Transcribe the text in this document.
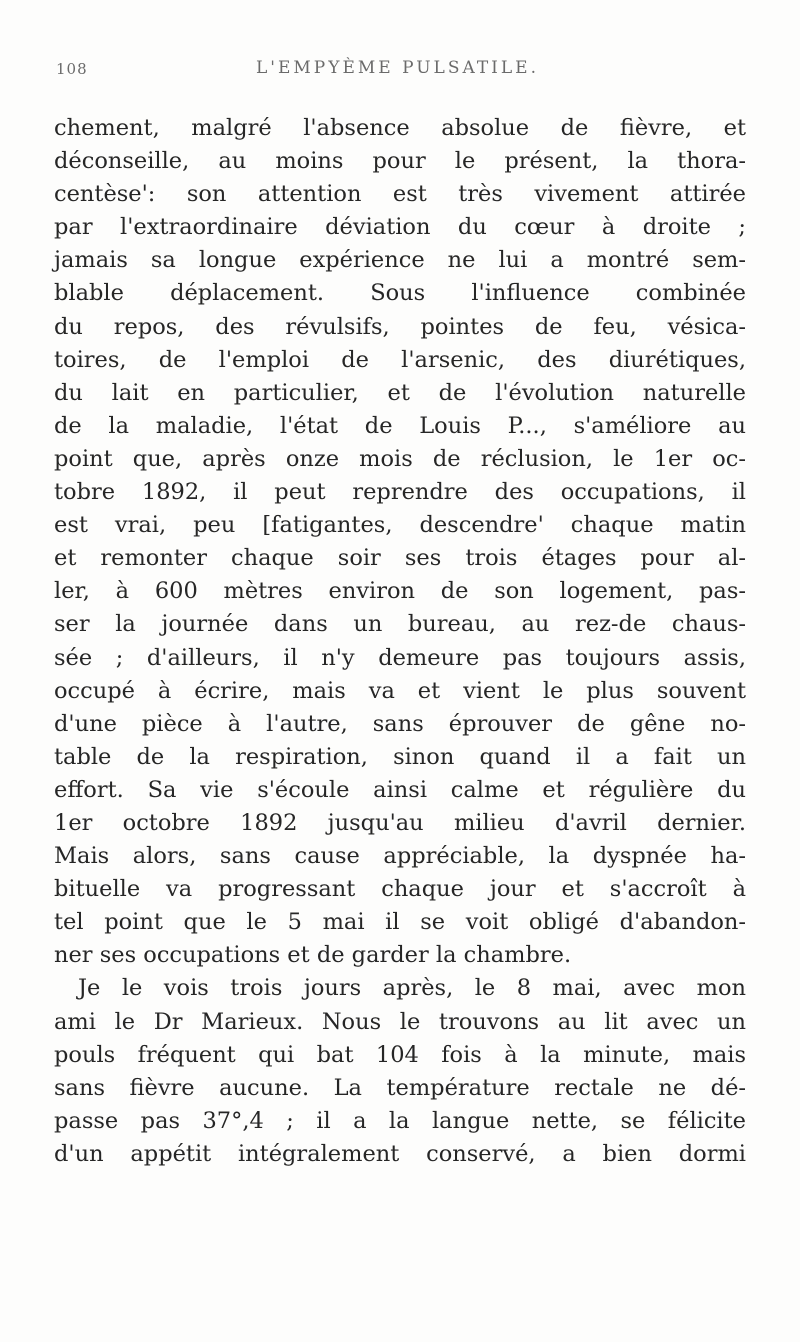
108	L'EMPYÈME PULSATILE.
chement, malgré l'absence absolue de fièvre, et
déconseille, au moins pour le présent, la thora-
centèse': son attention est très vivement attirée
par l'extraordinaire déviation du cœur à droite ;
jamais sa longue expérience ne lui a montré sem-
blable déplacement. Sous l'influence combinée
du repos, des révulsifs, pointes de feu, vésica-
toires, de l'emploi de l'arsenic, des diurétiques,
du lait en particulier, et de l'évolution naturelle
de la maladie, l'état de Louis P..., s'améliore au
point que, après onze mois de réclusion, le 1er oc-
tobre 1892, il peut reprendre des occupations, il
est vrai, peu [fatigantes, descendre' chaque matin
et remonter chaque soir ses trois étages pour al-
ler, à 600 mètres environ de son logement, pas-
ser la journée dans un bureau, au rez-de chaus-
sée ; d'ailleurs, il n'y demeure pas toujours assis,
occupé à écrire, mais va et vient le plus souvent
d'une pièce à l'autre, sans éprouver de gêne no-
table de la respiration, sinon quand il a fait un
effort. Sa vie s'écoule ainsi calme et régulière du
1er octobre 1892 jusqu'au milieu d'avril dernier.
Mais alors, sans cause appréciable, la dyspnée ha-
bituelle va progressant chaque jour et s'accroît à
tel point que le 5 mai il se voit obligé d'abandon-
ner ses occupations et de garder la chambre.
Je le vois trois jours après, le 8 mai, avec mon
ami le Dr Marieux. Nous le trouvons au lit avec un
pouls fréquent qui bat 104 fois à la minute, mais
sans fièvre aucune. La température rectale ne dé-
passe pas 37°,4 ; il a la langue nette, se félicite
d'un appétit intégralement conservé, a bien dormi
